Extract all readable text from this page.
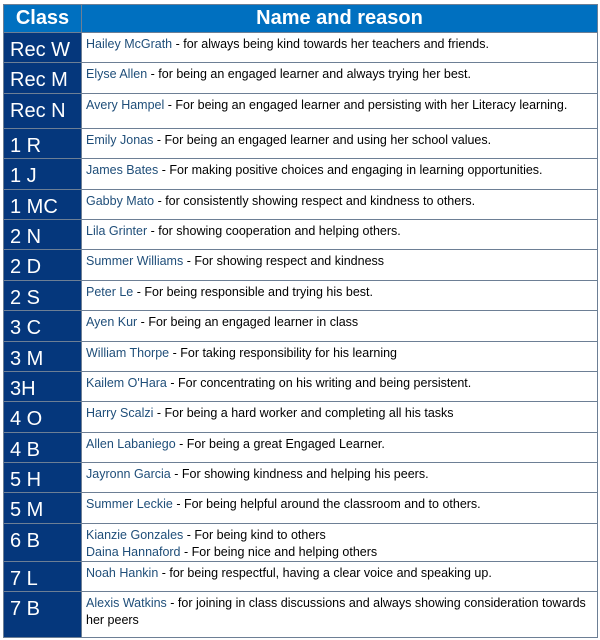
Class	Name and reason
Rec W	Hailey McGrath - for always being kind towards her teachers and friends.

Rec M	Elyse Allen - for being an engaged learner and always trying her best.

Rec N	Avery Hampel - For being an engaged learner and persisting with her Literacy learning.

1 R	Emily Jonas - For being an engaged learner and using her school values.

1 J	James Bates - For making positive choices and engaging in learning opportunities.

1 MC	Gabby Mato - for consistently showing respect and kindness to others.

2 N	Lila Grinter - for showing cooperation and helping others.

2 D	Summer Williams - For showing respect and kindness

2 S	Peter Le - For being responsible and trying his best.

3 C	Ayen Kur - For being an engaged learner in class

3 M	William Thorpe - For taking responsibility for his learning

3H	Kailem O'Hara - For concentrating on his writing and being persistent.

4 O	Harry Scalzi - For being a hard worker and completing all his tasks

4 B	Allen Labaniego - For being a great Engaged Learner.

5 H	Jayronn Garcia - For showing kindness and helping his peers.

5 M	Summer Leckie - For being helpful around the classroom and to others.

6 B	Kianzie Gonzales - For being kind to others
Daina Hannaford - For being nice and helping others

7 L	Noah Hankin - for being respectful, having a clear voice and speaking up.

7 B	Alexis Watkins - for joining in class discussions and always showing consideration towards her peers
